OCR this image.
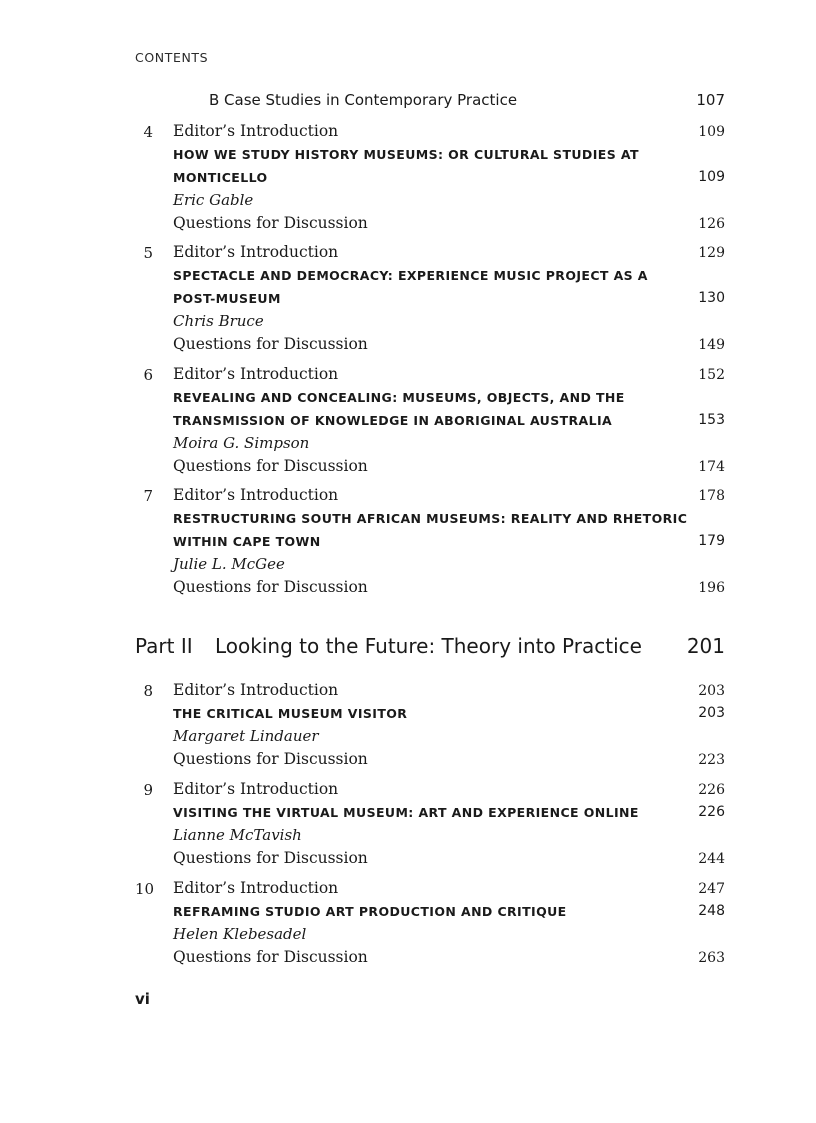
CONTENTS
B Case Studies in Contemporary Practice	107
4 Editor’s Introduction	109
HOW WE STUDY HISTORY MUSEUMS: OR CULTURAL STUDIES AT
MONTICELLO	109
Eric Gable
Questions for Discussion	126
5 Editor’s Introduction	129
SPECTACLE AND DEMOCRACY: EXPERIENCE MUSIC PROJECT AS A
POST-MUSEUM	130
Chris Bruce
Questions for Discussion	149
6 Editor’s Introduction	152
REVEALING AND CONCEALING: MUSEUMS, OBJECTS, AND THE
TRANSMISSION OF KNOWLEDGE IN ABORIGINAL AUSTRALIA	153
Moira G. Simpson
Questions for Discussion	174
7 Editor’s Introduction	178
RESTRUCTURING SOUTH AFRICAN MUSEUMS: REALITY AND RHETORIC
WITHIN CAPE TOWN	179
Julie L. McGee
Questions for Discussion	196
Part II Looking to the Future: Theory into Practice 201
8 Editor’s Introduction	203
THE CRITICAL MUSEUM VISITOR	203
Margaret Lindauer
Questions for Discussion	223
9 Editor’s Introduction	226
VISITING THE VIRTUAL MUSEUM: ART AND EXPERIENCE ONLINE	226
Lianne McTavish
Questions for Discussion	244
10 Editor’s Introduction	247
REFRAMING STUDIO ART PRODUCTION AND CRITIQUE	248
Helen Klebesadel
Questions for Discussion	263
vi
